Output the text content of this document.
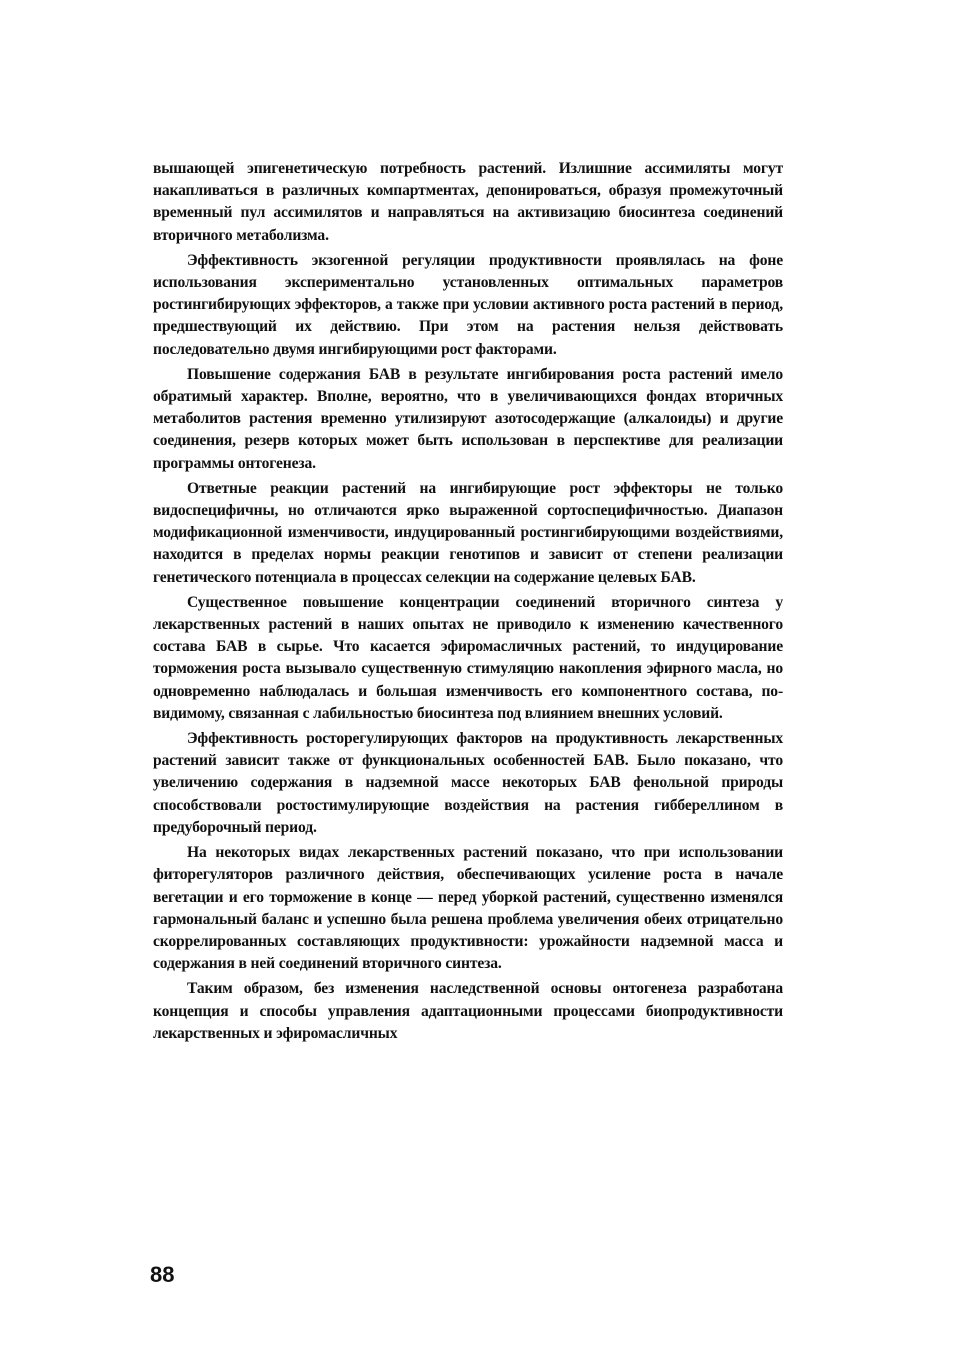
вышающей эпигенетическую потребность растений. Излишние ассимиляты могут накапливаться в различных компартментах, депонироваться, образуя промежуточный временный пул ассимилятов и направляться на активизацию биосинтеза соединений вторичного метаболизма.

Эффективность экзогенной регуляции продуктивности проявлялась на фоне использования экспериментально установленных оптимальных параметров ростингибирующих эффекторов, а также при условии активного роста растений в период, предшествующий их действию. При этом на растения нельзя действовать последовательно двумя ингибирующими рост факторами.

Повышение содержания БАВ в результате ингибирования роста растений имело обратимый характер. Вполне, вероятно, что в увеличивающихся фондах вторичных метаболитов растения временно утилизируют азотосодержащие (алкалоиды) и другие соединения, резерв которых может быть использован в перспективе для реализации программы онтогенеза.

Ответные реакции растений на ингибирующие рост эффекторы не только видоспецифичны, но отличаются ярко выраженной сортоспецифичностью. Диапазон модификационной изменчивости, индуцированный ростингибирующими воздействиями, находится в пределах нормы реакции генотипов и зависит от степени реализации генетического потенциала в процессах селекции на содержание целевых БАВ.

Существенное повышение концентрации соединений вторичного синтеза у лекарственных растений в наших опытах не приводило к изменению качественного состава БАВ в сырье. Что касается эфиромасличных растений, то индуцирование торможения роста вызывало существенную стимуляцию накопления эфирного масла, но одновременно наблюдалась и большая изменчивость его компонентного состава, по-видимому, связанная с лабильностью биосинтеза под влиянием внешних условий.

Эффективность росторегулирующих факторов на продуктивность лекарственных растений зависит также от функциональных особенностей БАВ. Было показано, что увеличению содержания в надземной массе некоторых БАВ фенольной природы способствовали ростостимулирующие воздействия на растения гиббереллином в предуборочный период.

На некоторых видах лекарственных растений показано, что при использовании фиторегуляторов различного действия, обеспечивающих усиление роста в начале вегетации и его торможение в конце — перед уборкой растений, существенно изменялся гармональный баланс и успешно была решена проблема увеличения обеих отрицательно скоррелированных составляющих продуктивности: урожайности надземной масса и содержания в ней соединений вторичного синтеза.

Таким образом, без изменения наследственной основы онтогенеза разработана концепция и способы управления адаптационными процессами биопродуктивности лекарственных и эфиромасличных

88
